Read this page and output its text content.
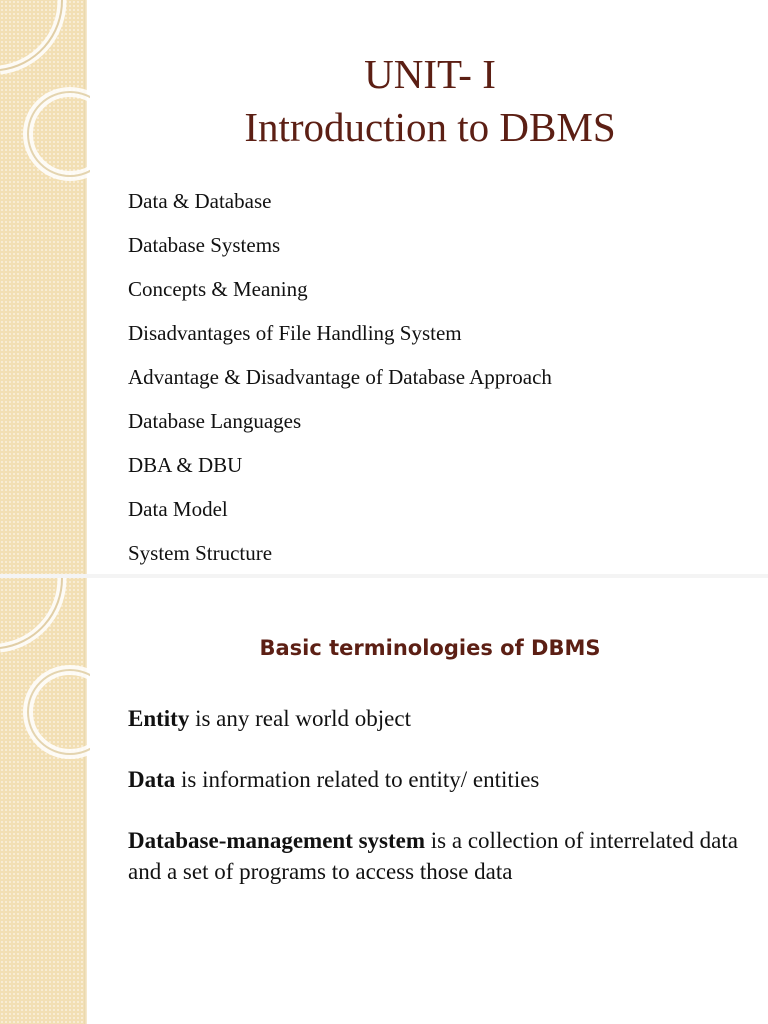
UNIT- I
Introduction to DBMS
Data & Database
Database Systems
Concepts & Meaning
Disadvantages of File Handling System
Advantage & Disadvantage of Database Approach
Database Languages
DBA & DBU
Data Model
System Structure
Basic terminologies of DBMS

Entity is any real world object

Data is information related to entity/ entities

Database-management system is a collection of interrelated data and a set of programs to access those data
